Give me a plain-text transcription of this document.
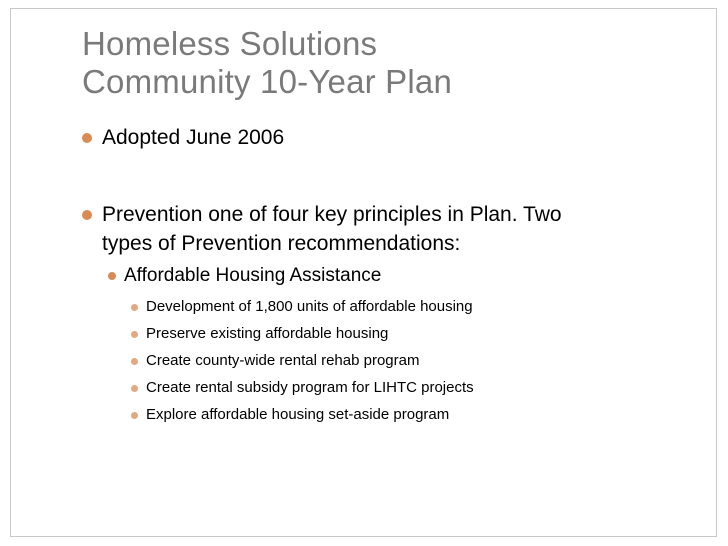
Homeless Solutions
Community 10-Year Plan
Adopted June 2006
Prevention one of four key principles in Plan. Two
types of Prevention recommendations:
Affordable Housing Assistance
Development of 1,800 units of affordable housing
Preserve existing affordable housing
Create county-wide rental rehab program
Create rental subsidy program for LIHTC projects
Explore affordable housing set-aside program
